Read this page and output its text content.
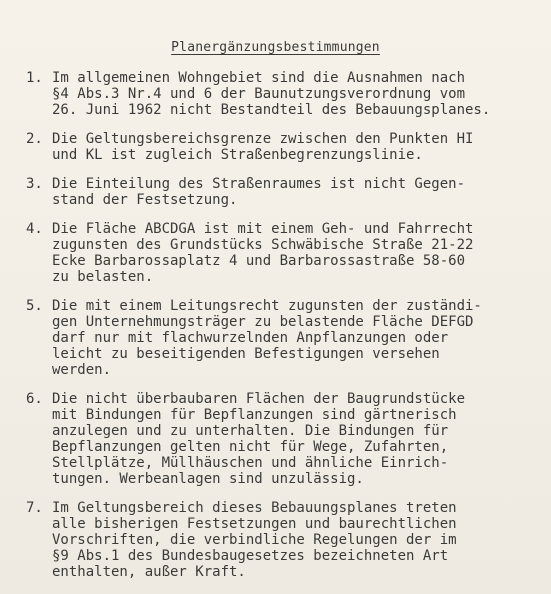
Planergänzungsbestimmungen
1. Im allgemeinen Wohngebiet sind die Ausnahmen nach
§4 Abs.3 Nr.4 und 6 der Baunutzungsverordnung vom
26. Juni 1962 nicht Bestandteil des Bebauungsplanes.
2. Die Geltungsbereichsgrenze zwischen den Punkten HI
und KL ist zugleich Straßenbegrenzungslinie.
3. Die Einteilung des Straßenraumes ist nicht Gegen-
stand der Festsetzung.
4. Die Fläche ABCDGA ist mit einem Geh- und Fahrrecht
zugunsten des Grundstücks Schwäbische Straße 21-22
Ecke Barbarossaplatz 4 und Barbarossastraße 58-60
zu belasten.
5. Die mit einem Leitungsrecht zugunsten der zuständi-
gen Unternehmungsträger zu belastende Fläche DEFGD
darf nur mit flachwurzelnden Anpflanzungen oder
leicht zu beseitigenden Befestigungen versehen
werden.
6. Die nicht überbaubaren Flächen der Baugrundstücke
mit Bindungen für Bepflanzungen sind gärtnerisch
anzulegen und zu unterhalten. Die Bindungen für
Bepflanzungen gelten nicht für Wege, Zufahrten,
Stellplätze, Müllhäuschen und ähnliche Einrich-
tungen. Werbeanlagen sind unzulässig.
7. Im Geltungsbereich dieses Bebauungsplanes treten
alle bisherigen Festsetzungen und baurechtlichen
Vorschriften, die verbindliche Regelungen der im
§9 Abs.1 des Bundesbaugesetzes bezeichneten Art
enthalten, außer Kraft.
